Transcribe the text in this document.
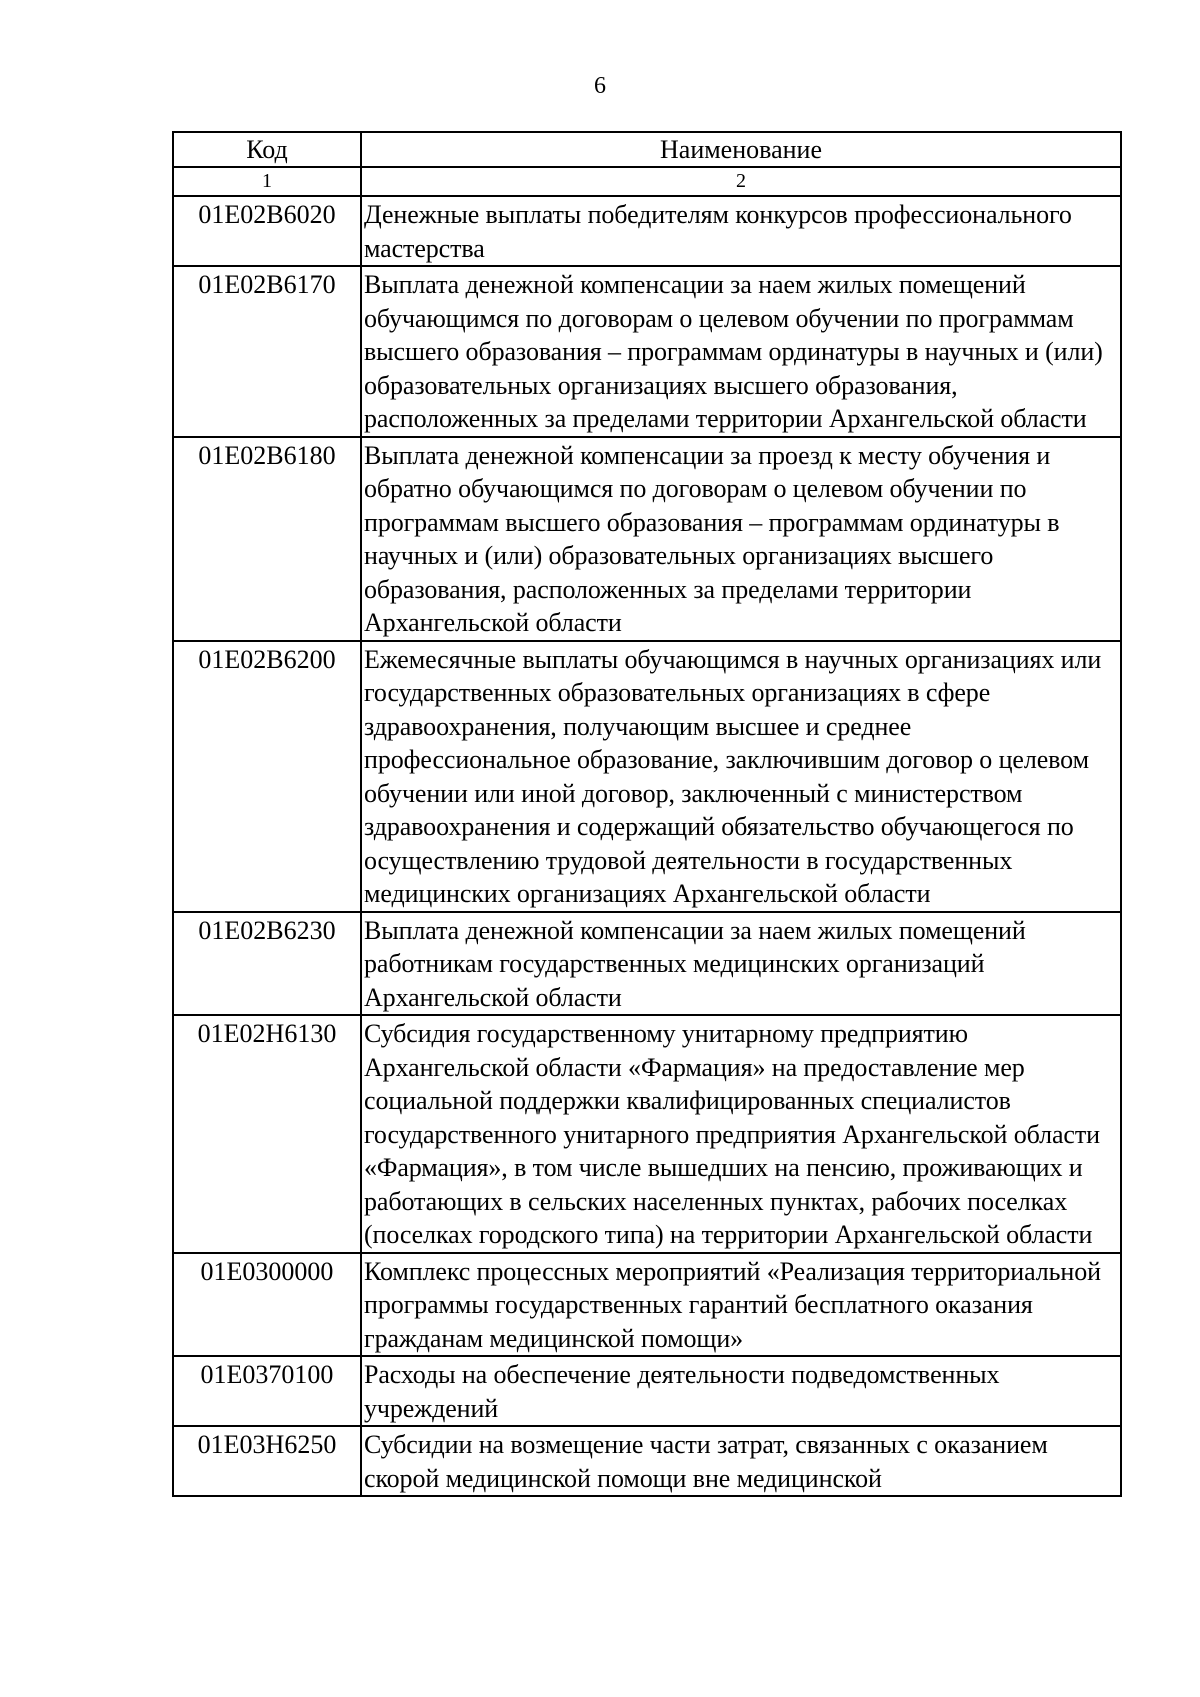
6
Код	Наименование
1	2
01Е02В6020	Денежные выплаты победителям конкурсов профессионального мастерства
01Е02В6170	Выплата денежной компенсации за наем жилых помещений обучающимся по договорам о целевом обучении по программам высшего образования – программам ординатуры в научных и (или) образовательных организациях высшего образования, расположенных за пределами территории Архангельской области
01Е02В6180	Выплата денежной компенсации за проезд к месту обучения и обратно обучающимся по договорам о целевом обучении по программам высшего образования – программам ординатуры в научных и (или) образовательных организациях высшего образования, расположенных за пределами территории Архангельской области
01Е02В6200	Ежемесячные выплаты обучающимся в научных организациях или государственных образовательных организациях в сфере здравоохранения, получающим высшее и среднее профессиональное образование, заключившим договор о целевом обучении или иной договор, заключенный с министерством здравоохранения и содержащий обязательство обучающегося по осуществлению трудовой деятельности в государственных медицинских организациях Архангельской области
01Е02В6230	Выплата денежной компенсации за наем жилых помещений работникам государственных медицинских организаций Архангельской области
01Е02Н6130	Субсидия государственному унитарному предприятию Архангельской области «Фармация» на предоставление мер социальной поддержки квалифицированных специалистов государственного унитарного предприятия Архангельской области «Фармация», в том числе вышедших на пенсию, проживающих и работающих в сельских населенных пунктах, рабочих поселках (поселках городского типа) на территории Архангельской области
01Е0300000	Комплекс процессных мероприятий «Реализация территориальной программы государственных гарантий бесплатного оказания гражданам медицинской помощи»
01Е0370100	Расходы на обеспечение деятельности подведомственных учреждений
01Е03Н6250	Субсидии на возмещение части затрат, связанных с оказанием скорой медицинской помощи вне медицинской
